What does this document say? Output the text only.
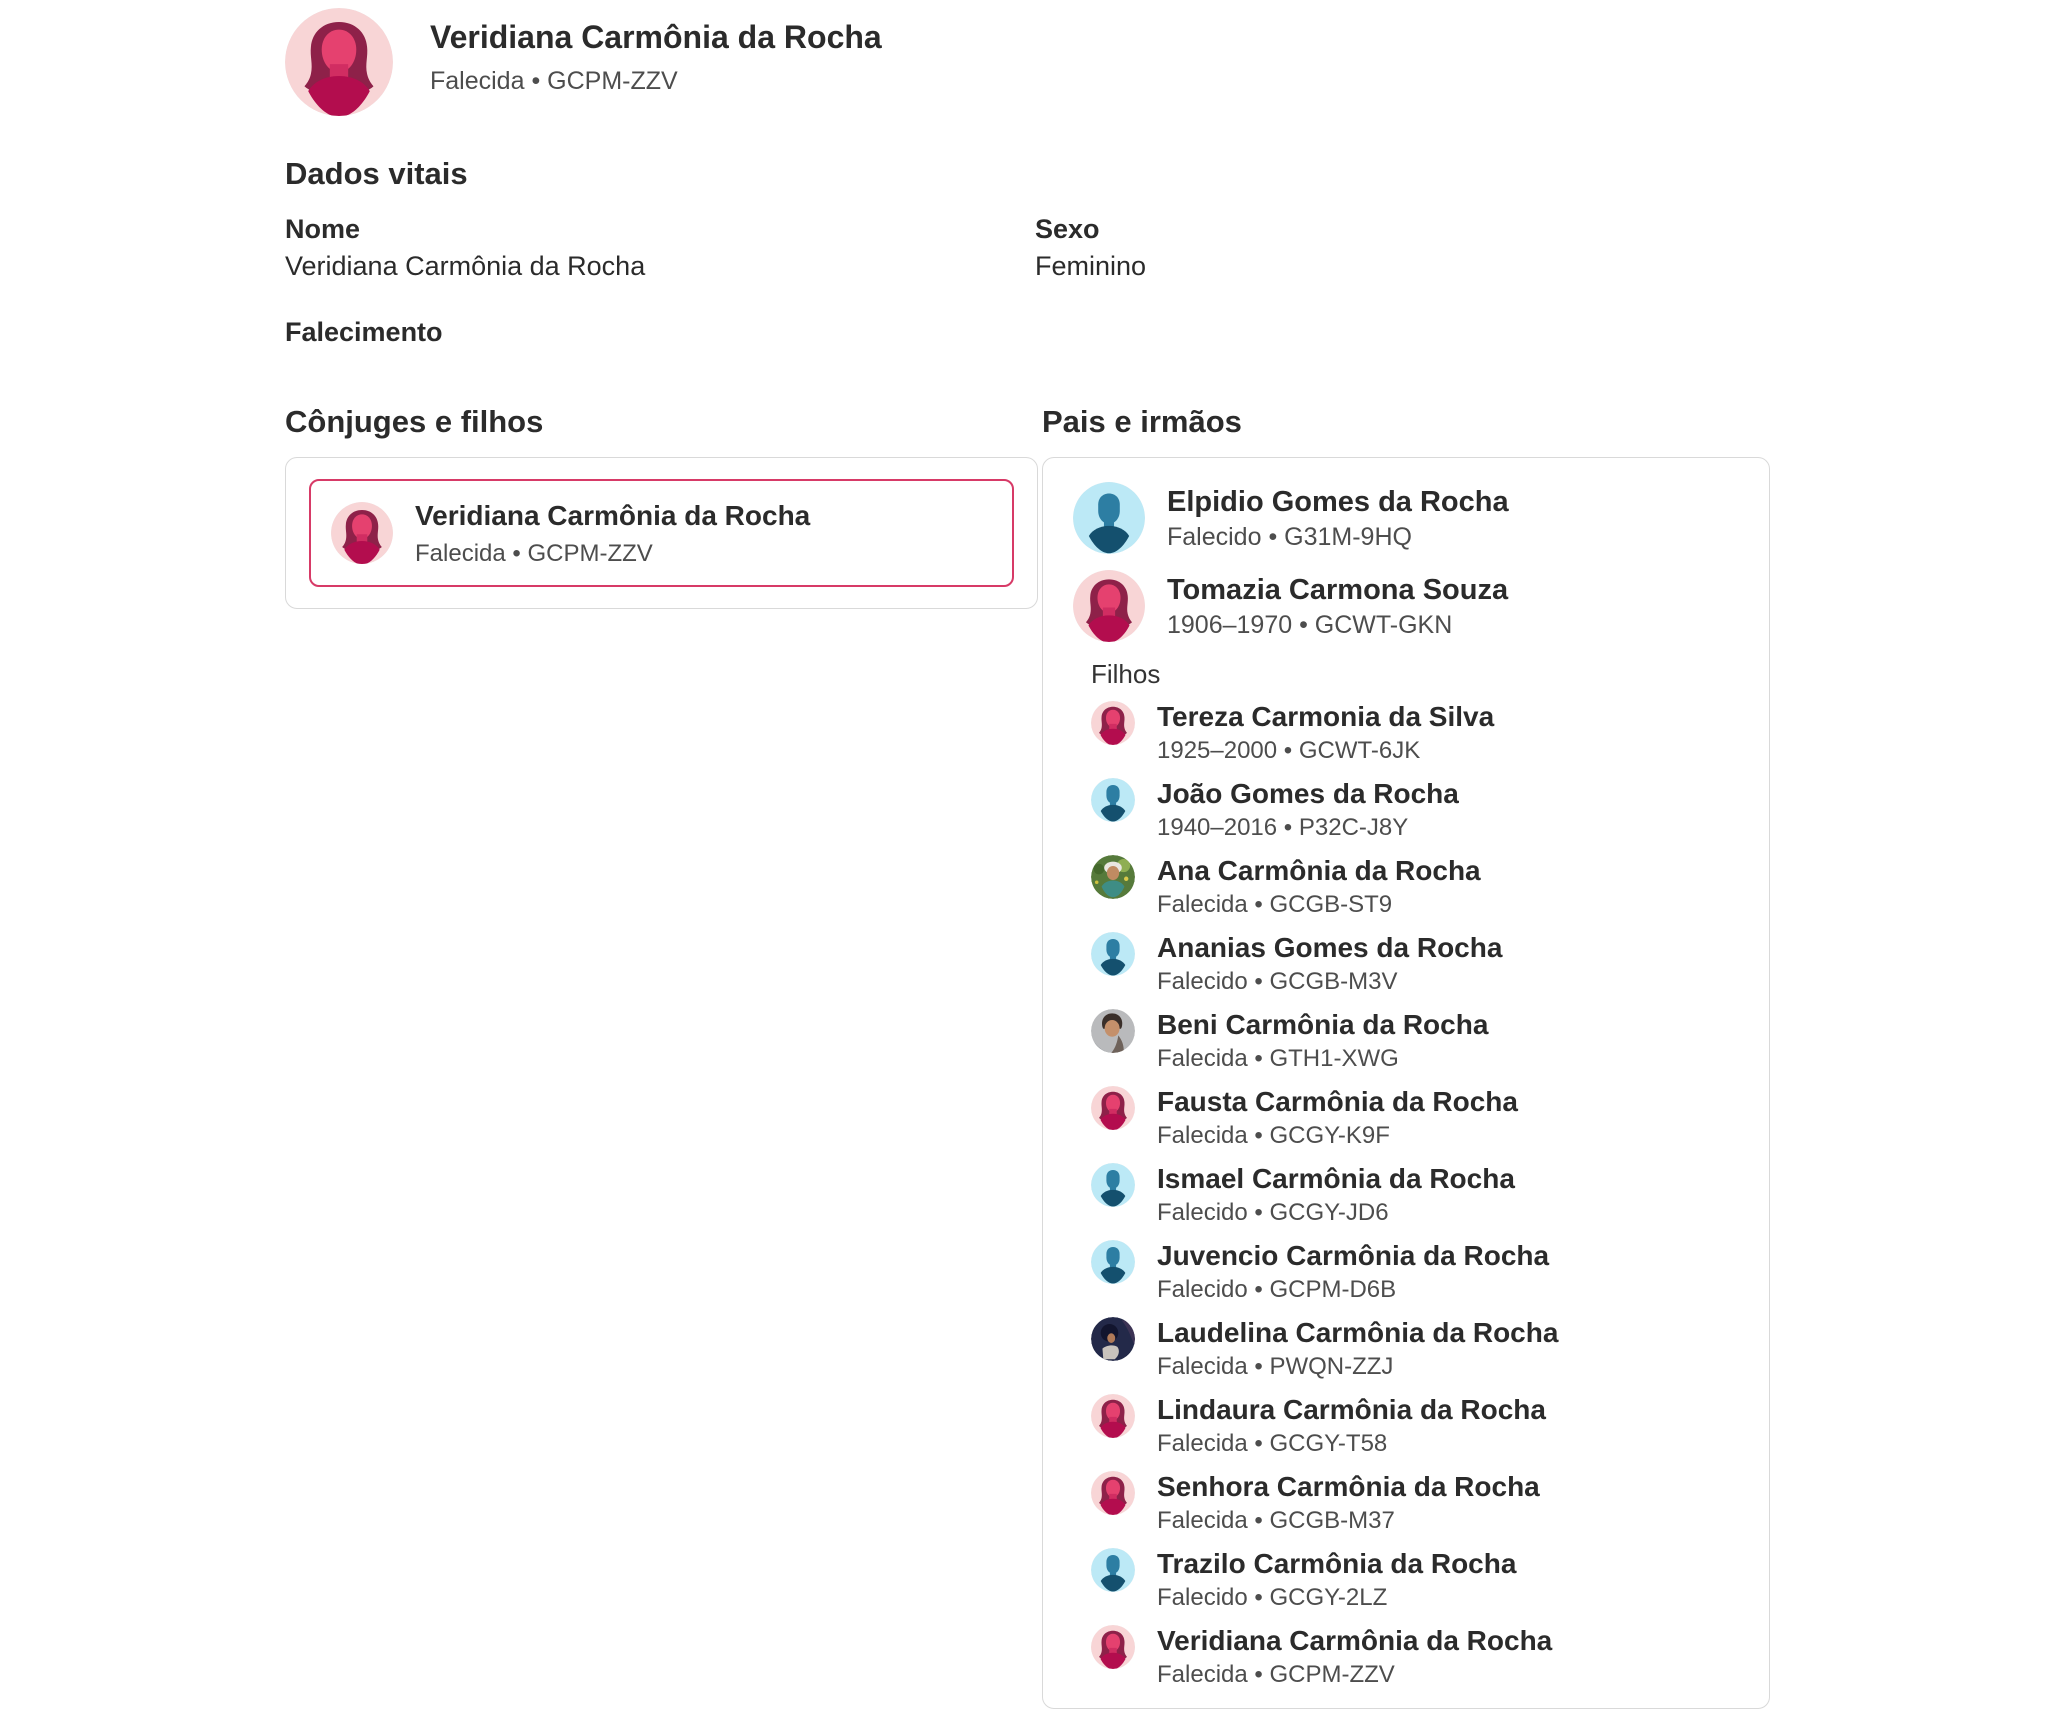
Veridiana Carmônia da Rocha
Falecida • GCPM-ZZV
Dados vitais
Nome
Veridiana Carmônia da Rocha
Sexo
Feminino
Falecimento
Cônjuges e filhos	Pais e irmãos
Veridiana Carmônia da Rocha
Falecida • GCPM-ZZV
Elpidio Gomes da Rocha
Falecido • G31M-9HQ
Tomazia Carmona Souza
1906–1970 • GCWT-GKN
Filhos
Tereza Carmonia da Silva
1925–2000 • GCWT-6JK
João Gomes da Rocha
1940–2016 • P32C-J8Y
Ana Carmônia da Rocha
Falecida • GCGB-ST9
Ananias Gomes da Rocha
Falecido • GCGB-M3V
Beni Carmônia da Rocha
Falecida • GTH1-XWG
Fausta Carmônia da Rocha
Falecida • GCGY-K9F
Ismael Carmônia da Rocha
Falecido • GCGY-JD6
Juvencio Carmônia da Rocha
Falecido • GCPM-D6B
Laudelina Carmônia da Rocha
Falecida • PWQN-ZZJ
Lindaura Carmônia da Rocha
Falecida • GCGY-T58
Senhora Carmônia da Rocha
Falecida • GCGB-M37
Trazilo Carmônia da Rocha
Falecido • GCGY-2LZ
Veridiana Carmônia da Rocha
Falecida • GCPM-ZZV
